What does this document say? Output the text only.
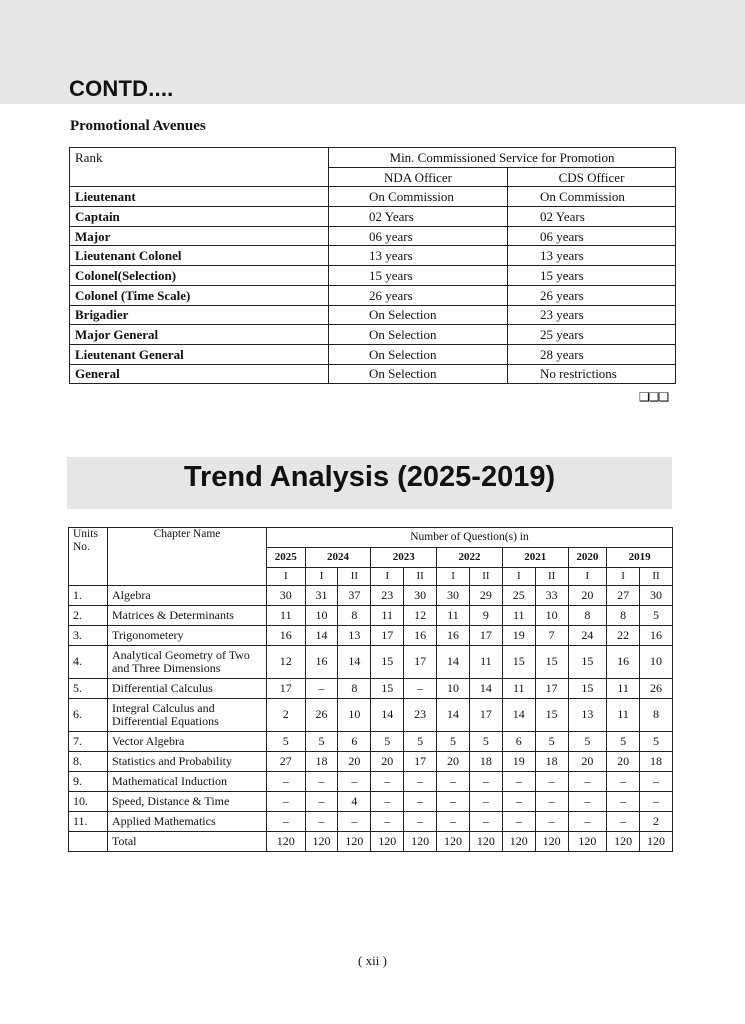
CONTD....
Promotional Avenues
Rank	Min. Commissioned Service for Promotion	
	NDA Officer	CDS Officer
Lieutenant	On Commission	On Commission
Captain	02 Years	02 Years
Major	06 years	06 years
Lieutenant Colonel	13 years	13 years
Colonel(Selection)	15 years	15 years
Colonel (Time Scale)	26 years	26 years
Brigadier	On Selection	23 years
Major General	On Selection	25 years
Lieutenant General	On Selection	28 years
General	On Selection	No restrictions
❑❑❑
Trend Analysis (2025-2019)
Units No.	Chapter Name	Number of Question(s) in											
		2025	2024		2023		2022		2021		2020	2019	
		I	I	II	I	II	I	II	I	II	I	I	II
1.	Algebra	30	31	37	23	30	30	29	25	33	20	27	30
2.	Matrices & Determinants	11	10	8	11	12	11	9	11	10	8	8	5
3.	Trigonometery	16	14	13	17	16	16	17	19	7	24	22	16
4.	Analytical Geometry of Two and Three Dimensions	12	16	14	15	17	14	11	15	15	15	16	10
5.	Differential Calculus	17	–	8	15	–	10	14	11	17	15	11	26
6.	Integral Calculus and Differential Equations	2	26	10	14	23	14	17	14	15	13	11	8
7.	Vector Algebra	5	5	6	5	5	5	5	6	5	5	5	5
8.	Statistics and Probability	27	18	20	20	17	20	18	19	18	20	20	18
9.	Mathematical Induction	–	–	–	–	–	–	–	–	–	–	–	–
10.	Speed, Distance & Time	–	–	4	–	–	–	–	–	–	–	–	–
11.	Applied Mathematics	–	–	–	–	–	–	–	–	–	–	–	2
	Total	120	120	120	120	120	120	120	120	120	120	120	120
( xii )
